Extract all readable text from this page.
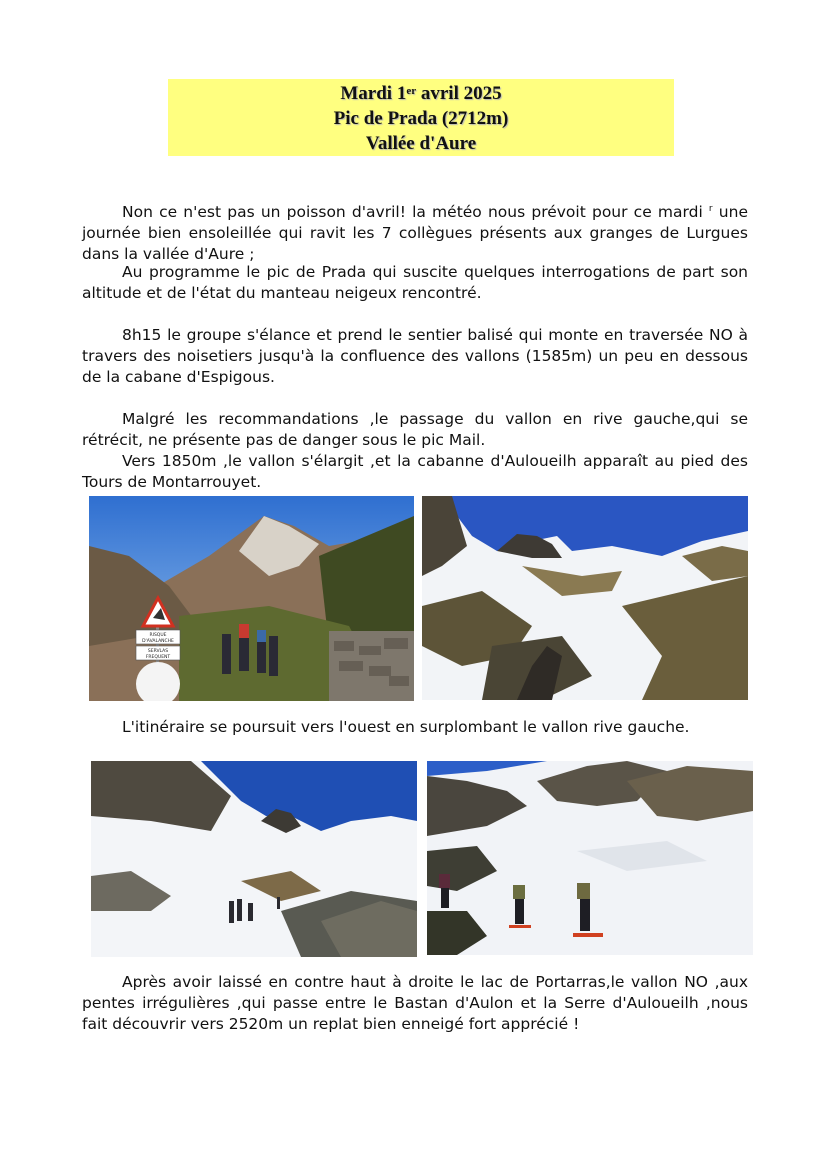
Mardi 1er avril 2025
Pic de Prada (2712m)
Vallée d'Aure

Non ce n'est pas un poisson d'avril! la météo nous prévoit pour ce mardi $^r$ une journée bien ensoleillée qui ravit les 7 collègues présents aux granges de Lurgues dans la vallée d'Aure ;

Au programme le pic de Prada qui suscite quelques interrogations de part son altitude et de l'état du manteau neigeux rencontré.

8h15 le groupe s'élance et prend le sentier balisé qui monte en traversée NO à travers des noisetiers jusqu'à la confluence des vallons (1585m) un peu en dessous de la cabane d'Espigous.

Malgré les recommandations ,le passage du vallon en rive gauche,qui se rétrécit, ne présente pas de danger sous le pic Mail.

Vers 1850m ,le vallon s'élargit ,et la cabanne d'Auloueilh apparaît au pied des Tours de Montarrouyet.

RISQUE
D'AVALANCHE
SERVLAS
FREQUENT

L'itinéraire se poursuit vers l'ouest en surplombant le vallon rive gauche.

Après avoir laissé en contre haut à droite le lac de Portarras,le vallon NO ,aux pentes irrégulières ,qui passe entre le Bastan d'Aulon et la Serre d'Auloueilh ,nous fait découvrir vers 2520m un replat bien enneigé fort apprécié !
